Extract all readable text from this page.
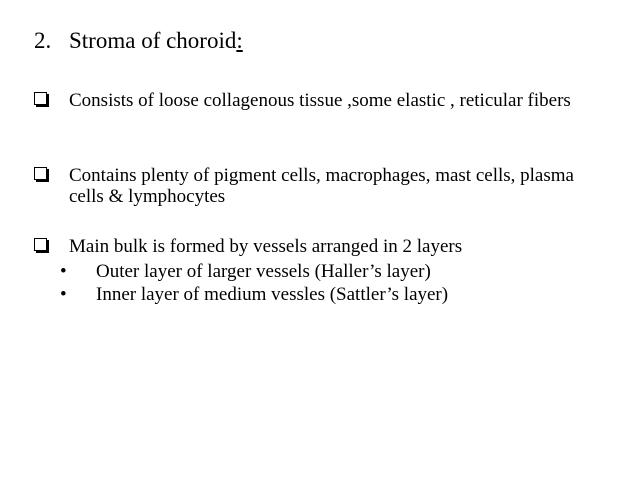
2. Stroma of choroid:
Consists of loose collagenous tissue ,some elastic , reticular fibers
Contains plenty of pigment cells, macrophages, mast cells, plasma cells & lymphocytes
Main bulk is formed by vessels arranged in 2 layers
•	Outer layer of larger vessels (Haller’s layer)
•	Inner layer of medium vessles (Sattler’s layer)
